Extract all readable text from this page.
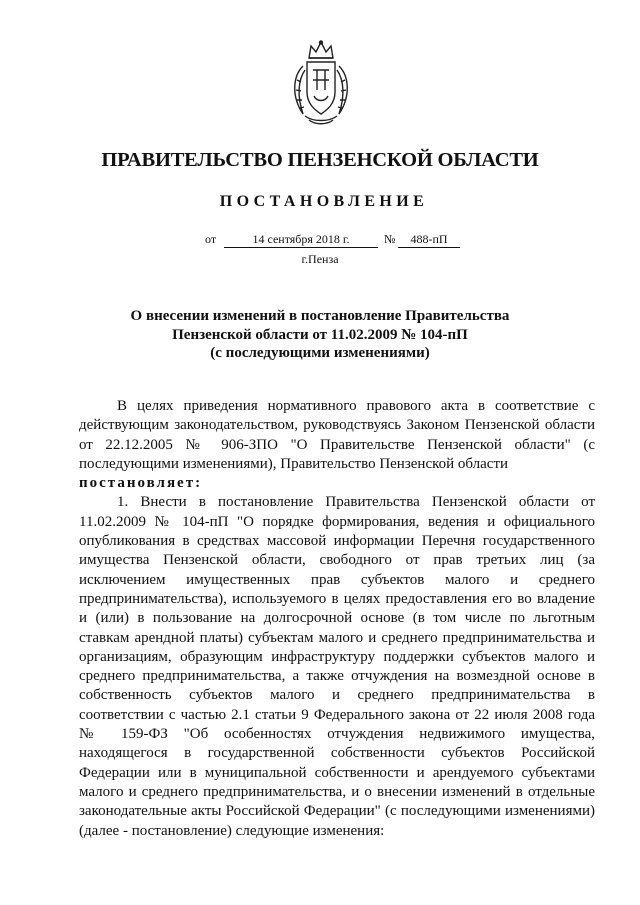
ПРАВИТЕЛЬСТВО ПЕНЗЕНСКОЙ ОБЛАСТИ
ПОСТАНОВЛЕНИЕ
от	14 сентября 2018 г.	№	488-пП
г.Пенза
О внесении изменений в постановление Правительства
Пензенской области от 11.02.2009 № 104-пП
(с последующими изменениями)

В целях приведения нормативного правового акта в соответствие с действующим законодательством, руководствуясь Законом Пензенской области от 22.12.2005 № 906-ЗПО "О Правительстве Пензенской области" (с последующими изменениями), Правительство Пензенской области

постановляет:

1. Внести в постановление Правительства Пензенской области от 11.02.2009 № 104-пП "О порядке формирования, ведения и официального опубликования в средствах массовой информации Перечня государственного имущества Пензенской области, свободного от прав третьих лиц (за исключением имущественных прав субъектов малого и среднего предпринимательства), используемого в целях предоставления его во владение и (или) в пользование на долгосрочной основе (в том числе по льготным ставкам арендной платы) субъектам малого и среднего предпринимательства и организациям, образующим инфраструктуру поддержки субъектов малого и среднего предпринимательства, а также отчуждения на возмездной основе в собственность субъектов малого и среднего предпринимательства в соответствии с частью 2.1 статьи 9 Федерального закона от 22 июля 2008 года № 159-ФЗ "Об особенностях отчуждения недвижимого имущества, находящегося в государственной собственности субъектов Российской Федерации или в муниципальной собственности и арендуемого субъектами малого и среднего предпринимательства, и о внесении изменений в отдельные законодательные акты Российской Федерации" (с последующими изменениями) (далее - постановление) следующие изменения:
